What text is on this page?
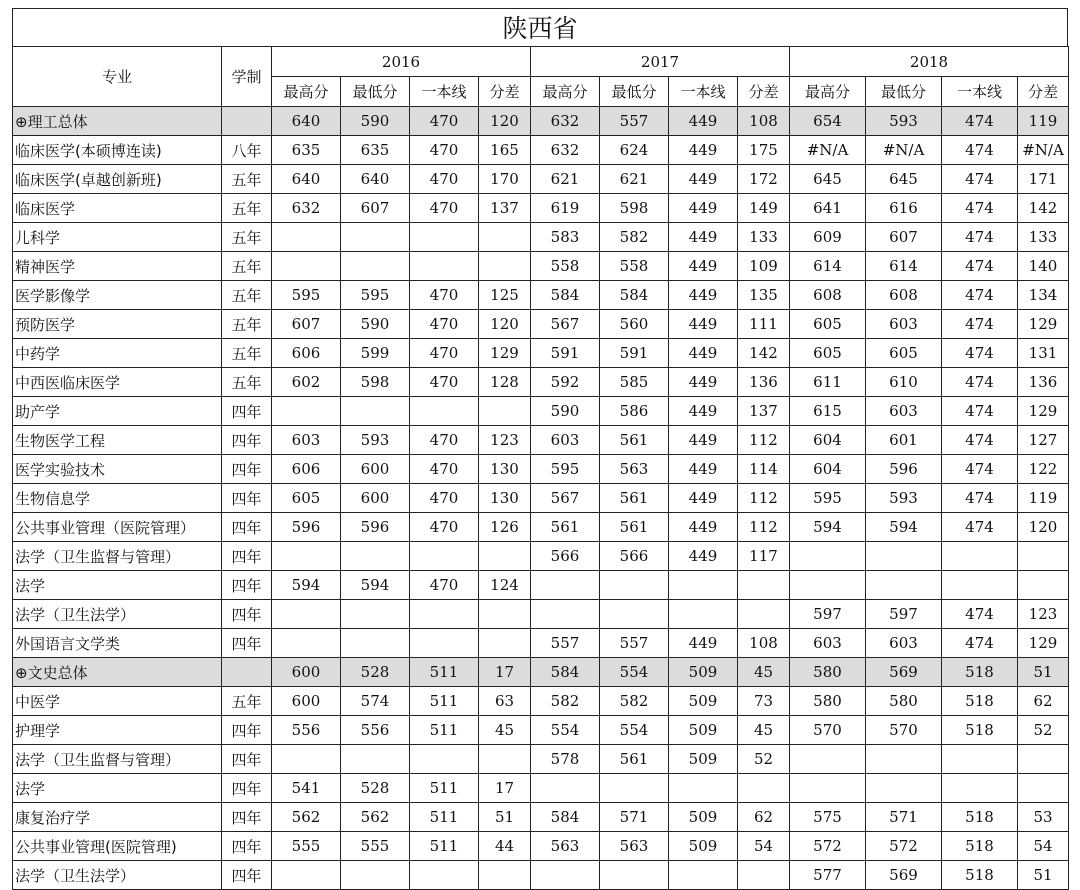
陕西省
专业	学制	2016				2017				2018			
		最高分	最低分	一本线	分差	最高分	最低分	一本线	分差	最高分	最低分	一本线	分差
⊕理工总体		640	590	470	120	632	557	449	108	654	593	474	119
临床医学(本硕博连读)	八年	635	635	470	165	632	624	449	175	#N/A	#N/A	474	#N/A
临床医学(卓越创新班)	五年	640	640	470	170	621	621	449	172	645	645	474	171
临床医学	五年	632	607	470	137	619	598	449	149	641	616	474	142
儿科学	五年					583	582	449	133	609	607	474	133
精神医学	五年					558	558	449	109	614	614	474	140
医学影像学	五年	595	595	470	125	584	584	449	135	608	608	474	134
预防医学	五年	607	590	470	120	567	560	449	111	605	603	474	129
中药学	五年	606	599	470	129	591	591	449	142	605	605	474	131
中西医临床医学	五年	602	598	470	128	592	585	449	136	611	610	474	136
助产学	四年					590	586	449	137	615	603	474	129
生物医学工程	四年	603	593	470	123	603	561	449	112	604	601	474	127
医学实验技术	四年	606	600	470	130	595	563	449	114	604	596	474	122
生物信息学	四年	605	600	470	130	567	561	449	112	595	593	474	119
公共事业管理（医院管理）	四年	596	596	470	126	561	561	449	112	594	594	474	120
法学（卫生监督与管理）	四年					566	566	449	117				
法学	四年	594	594	470	124								
法学（卫生法学）	四年									597	597	474	123
外国语言文学类	四年					557	557	449	108	603	603	474	129
⊕文史总体		600	528	511	17	584	554	509	45	580	569	518	51
中医学	五年	600	574	511	63	582	582	509	73	580	580	518	62
护理学	四年	556	556	511	45	554	554	509	45	570	570	518	52
法学（卫生监督与管理）	四年					578	561	509	52				
法学	四年	541	528	511	17								
康复治疗学	四年	562	562	511	51	584	571	509	62	575	571	518	53
公共事业管理(医院管理)	四年	555	555	511	44	563	563	509	54	572	572	518	54
法学（卫生法学）	四年									577	569	518	51
